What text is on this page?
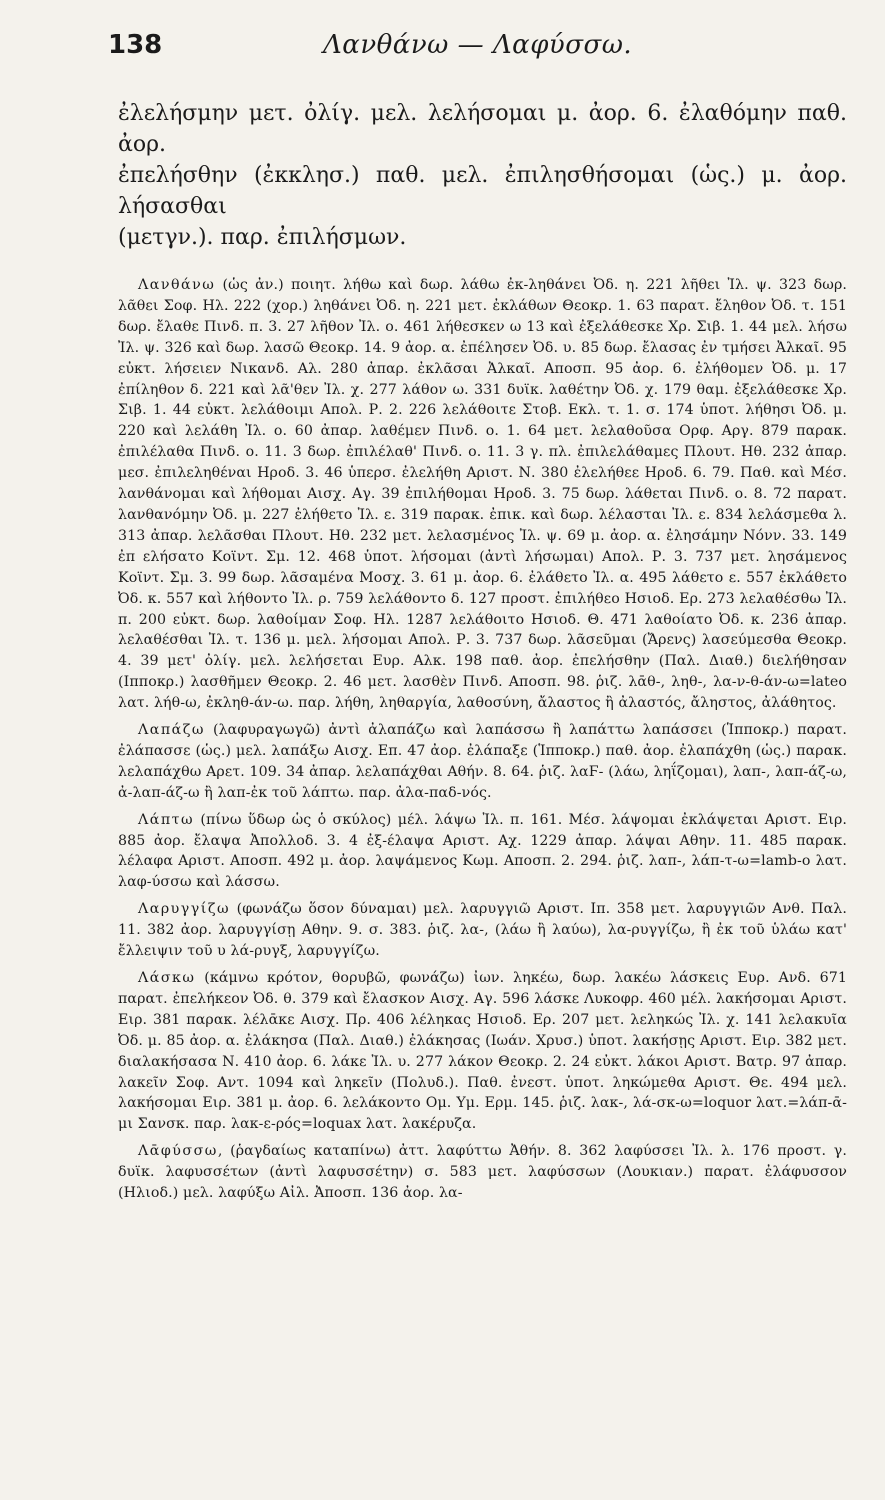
138	Λανθάνω — Λαφύσσω.

ἐλελήσμην μετ. ὀλίγ. μελ. λελήσομαι μ. ἀορ. 6. ἐλαθόμην παθ. ἀορ.

ἐπελήσθην (ἐκκλησ.) παθ. μελ. ἐπιλησθήσομαι (ὡς.) μ. ἀορ. λήσασθαι

(μετγν.). παρ. ἐπιλήσμων.

Λανθάνω (ὡς ἀν.) ποιητ. λήθω καὶ δωρ. λάθω ἐκ-ληθάνει Ὀδ. η. 221 λῆθει Ἰλ. ψ. 323 δωρ. λᾶθει Σοφ. Ηλ. 222 (χορ.) ληθάνει Ὀδ. η. 221 μετ. ἐκλάθων Θεοκρ. 1. 63 παρατ. ἔληθον Ὀδ. τ. 151 δωρ. ἔλαθε Πινδ. π. 3. 27 λῆθον Ἰλ. ο. 461 λήθεσκεν ω 13 καὶ ἐξελάθεσκε Χρ. Σιβ. 1. 44 μελ. λήσω Ἰλ. ψ. 326 καὶ δωρ. λασῶ Θεοκρ. 14. 9 ἀορ. α. ἐπέλησεν Ὀδ. υ. 85 δωρ. ἔλασας ἐν τμήσει Ἀλκαῖ. 95 εὐκτ. λήσειεν Νικανδ. Αλ. 280 ἀπαρ. ἐκλᾶσαι Ἀλκαῖ. Αποσπ. 95 ἀορ. 6. ἐλήθομεν Ὀδ. μ. 17 ἐπίληθον δ. 221 καὶ λᾶ'θεν Ἰλ. χ. 277 λάθον ω. 331 δυϊκ. λαθέτην Ὀδ. χ. 179 θαμ. ἐξελάθεσκε Χρ. Σιβ. 1. 44 εὐκτ. λελάθοιμι Απολ. Ρ. 2. 226 λελάθοιτε Στοβ. Εκλ. τ. 1. σ. 174 ὑποτ. λήθησι Ὀδ. μ. 220 καὶ λελάθη Ἰλ. ο. 60 ἀπαρ. λαθέμεν Πινδ. ο. 1. 64 μετ. λελαθοῦσα Ορφ. Αργ. 879 παρακ. ἐπιλέλαθα Πινδ. ο. 11. 3 δωρ. ἐπιλέλαθ' Πινδ. ο. 11. 3 γ. πλ. ἐπιλελάθαμες Πλουτ. Ηθ. 232 ἀπαρ. μεσ. ἐπιλεληθέναι Ηροδ. 3. 46 ὑπερσ. ἐλελήθη Αριστ. Ν. 380 ἐλελήθεε Ηροδ. 6. 79. Παθ. καὶ Μέσ. λανθάνομαι καὶ λήθομαι Αισχ. Αγ. 39 ἐπιλήθομαι Ηροδ. 3. 75 δωρ. λάθεται Πινδ. ο. 8. 72 παρατ. λανθανόμην Ὀδ. μ. 227 ἐλήθετο Ἰλ. ε. 319 παρακ. ἐπικ. καὶ δωρ. λέλασται Ἰλ. ε. 834 λελάσμεθα λ. 313 ἀπαρ. λελᾶσθαι Πλουτ. Ηθ. 232 μετ. λελασμένος Ἰλ. ψ. 69 μ. ἀορ. α. ἐλησάμην Νόνν. 33. 149 ἐπ ελήσατο Κοϊντ. Σμ. 12. 468 ὑποτ. λήσομαι (ἀντὶ λήσωμαι) Απολ. Ρ. 3. 737 μετ. λησάμενος Κοϊντ. Σμ. 3. 99 δωρ. λᾶσαμένα Μοσχ. 3. 61 μ. ἀορ. 6. ἐλάθετο Ἰλ. α. 495 λάθετο ε. 557 ἐκλάθετο Ὀδ. κ. 557 καὶ λήθοντο Ἰλ. ρ. 759 λελάθοντο δ. 127 προστ. ἐπιλήθεο Ησιοδ. Ερ. 273 λελαθέσθω Ἰλ. π. 200 εὐκτ. δωρ. λαθοίμαν Σοφ. Ηλ. 1287 λελάθοιτο Ησιοδ. Θ. 471 λαθοίατο Ὀδ. κ. 236 ἀπαρ. λελαθέσθαι Ἰλ. τ. 136 μ. μελ. λήσομαι Απολ. Ρ. 3. 737 δωρ. λᾶσεῦμαι (Ἄρενς) λασεύμεσθα Θεοκρ. 4. 39 μετ' ὀλίγ. μελ. λελήσεται Ευρ. Αλκ. 198 παθ. ἀορ. ἐπελήσθην (Παλ. Διαθ.) διελήθησαν (Ιπποκρ.) λασθῆμεν Θεοκρ. 2. 46 μετ. λασθὲν Πινδ. Αποσπ. 98. ῥιζ. λᾱθ-, ληθ-, λα-ν-θ-άν-ω=lateo λατ. λήθ-ω, ἐκληθ-άν-ω. παρ. λήθη, ληθαργία, λαθοσύνη, ἄλαστος ἢ ἀλαστός, ἄληστος, ἀλάθητος.

Λαπάζω (λαφυραγωγῶ) ἀντὶ ἀλαπάζω καὶ λαπάσσω ἢ λαπάττω λαπάσσει (Ἱπποκρ.) παρατ. ἐλάπασσε (ὡς.) μελ. λαπάξω Αισχ. Επ. 47 ἀορ. ἐλάπαξε (Ἱπποκρ.) παθ. ἀορ. ἐλαπάχθη (ὡς.) παρακ. λελαπάχθω Αρετ. 109. 34 ἀπαρ. λελαπάχθαι Αθήν. 8. 64. ῥιζ. λαϜ- (λάω, ληΐζομαι), λαπ-, λαπ-άζ-ω, ἀ-λαπ-άζ-ω ἢ λαπ-ἐκ τοῦ λάπτω. παρ. ἀλα-παδ-νός.

Λάπτω (πίνω ὕδωρ ὡς ὁ σκύλος) μέλ. λάψω Ἰλ. π. 161. Μέσ. λάψομαι ἐκλάψεται Αριστ. Ειρ. 885 ἀορ. ἔλαψα Ἀπολλοδ. 3. 4 ἐξ-έλαψα Αριστ. Αχ. 1229 ἀπαρ. λάψαι Αθην. 11. 485 παρακ. λέλαφα Αριστ. Αποσπ. 492 μ. ἀορ. λαψάμενος Κωμ. Αποσπ. 2. 294. ῥιζ. λαπ-, λάπ-τ-ω=lamb-o λατ. λαφ-ύσσω καὶ λάσσω.

Λαρυγγίζω (φωνάζω ὅσον δύναμαι) μελ. λαρυγγιῶ Αριστ. Ιπ. 358 μετ. λαρυγγιῶν Ανθ. Παλ. 11. 382 ἀορ. λαρυγγίσῃ Αθην. 9. σ. 383. ῥιζ. λα-, (λάω ἢ λαύω), λα-ρυγγίζω, ἢ ἐκ τοῦ ὑλάω κατ' ἔλλειψιν τοῦ υ λά-ρυγξ, λαρυγγίζω.

Λάσκω (κάμνω κρότον, θορυβῶ, φωνάζω) ἰων. ληκέω, δωρ. λακέω λάσκεις Ευρ. Ανδ. 671 παρατ. ἐπελήκεον Ὀδ. θ. 379 καὶ ἔλασκον Αισχ. Αγ. 596 λάσκε Λυκοφρ. 460 μέλ. λακήσομαι Αριστ. Ειρ. 381 παρακ. λέλᾱκε Αισχ. Πρ. 406 λέληκας Ησιοδ. Ερ. 207 μετ. λεληκώς Ἰλ. χ. 141 λελακυῖα Ὀδ. μ. 85 ἀορ. α. ἐλάκησα (Παλ. Διαθ.) ἐλάκησας (Ιωάν. Χρυσ.) ὑποτ. λακήσῃς Αριστ. Ειρ. 382 μετ. διαλακήσασα Ν. 410 ἀορ. 6. λάκε Ἰλ. υ. 277 λάκον Θεοκρ. 2. 24 εὐκτ. λάκοι Αριστ. Βατρ. 97 ἀπαρ. λακεῖν Σοφ. Αντ. 1094 καὶ ληκεῖν (Πολυδ.). Παθ. ἐνεστ. ὑποτ. ληκώμεθα Αριστ. Θε. 494 μελ. λακήσομαι Ειρ. 381 μ. ἀορ. 6. λελάκοντο Ομ. Υμ. Ερμ. 145. ῥιζ. λακ-, λά-σκ-ω=loquor λατ.=λάπ-ᾱ-μι Σανσκ. παρ. λακ-ε-ρός=loquax λατ. λακέρυζα.

Λᾱφύσσω, (ῥαγδαίως καταπίνω) ἀττ. λαφύττω Ἀθήν. 8. 362 λαφύσσει Ἰλ. λ. 176 προστ. γ. δυϊκ. λαφυσσέτων (ἀντὶ λαφυσσέτην) σ. 583 μετ. λαφύσσων (Λουκιαν.) παρατ. ἐλάφυσσον (Ηλιοδ.) μελ. λαφύξω Αἰλ. Ἀποσπ. 136 ἀορ. λα-
